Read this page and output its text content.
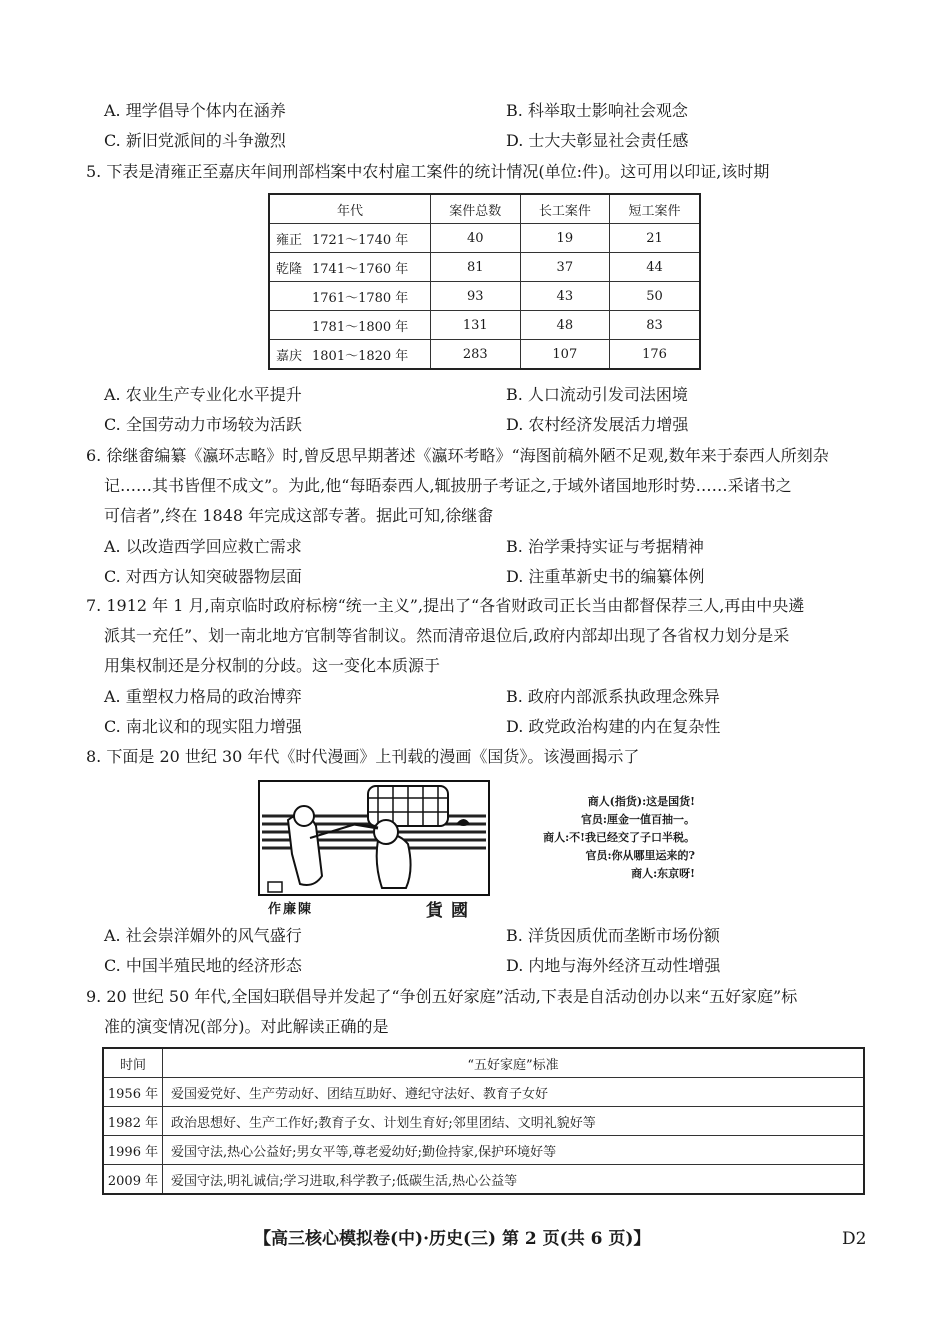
A. 理学倡导个体内在涵养	B. 科举取士影响社会观念
C. 新旧党派间的斗争激烈	D. 士大夫彰显社会责任感
5. 下表是清雍正至嘉庆年间刑部档案中农村雇工案件的统计情况(单位:件)。这可用以印证,该时期
年代	案件总数	长工案件	短工案件
雍正 1721～1740 年	40	19	21
乾隆 1741～1760 年	81	37	44
1761～1780 年	93	43	50
1781～1800 年	131	48	83
嘉庆 1801～1820 年	283	107	176
A. 农业生产专业化水平提升	B. 人口流动引发司法困境
C. 全国劳动力市场较为活跃	D. 农村经济发展活力增强
6. 徐继畬编纂《瀛环志略》时,曾反思早期著述《瀛环考略》“海图前稿外陋不足观,数年来于泰西人所刻杂
记……其书皆俚不成文”。为此,他“每晤泰西人,辄披册子考证之,于域外诸国地形时势……采诸书之
可信者”,终在 1848 年完成这部专著。据此可知,徐继畬
A. 以改造西学回应救亡需求	B. 治学秉持实证与考据精神
C. 对西方认知突破器物层面	D. 注重革新史书的编纂体例
7. 1912 年 1 月,南京临时政府标榜“统一主义”,提出了“各省财政司正长当由都督保荐三人,再由中央遴
派其一充任”、划一南北地方官制等省制议。然而清帝退位后,政府内部却出现了各省权力划分是采
用集权制还是分权制的分歧。这一变化本质源于
A. 重塑权力格局的政治博弈	B. 政府内部派系执政理念殊异
C. 南北议和的现实阻力增强	D. 政党政治构建的内在复杂性
8. 下面是 20 世纪 30 年代《时代漫画》上刊载的漫画《国货》。该漫画揭示了
商人(指货):这是国货!
官员:厘金一值百抽一。
商人:不!我已经交了子口半税。
官员:你从哪里运来的?
商人:东京呀!
作廉陳	貨國
A. 社会崇洋媚外的风气盛行	B. 洋货因质优而垄断市场份额
C. 中国半殖民地的经济形态	D. 内地与海外经济互动性增强
9. 20 世纪 50 年代,全国妇联倡导并发起了“争创五好家庭”活动,下表是自活动创办以来“五好家庭”标
准的演变情况(部分)。对此解读正确的是
时间	“五好家庭”标准
1956 年	爱国爱党好、生产劳动好、团结互助好、遵纪守法好、教育子女好
1982 年	政治思想好、生产工作好;教育子女、计划生育好;邻里团结、文明礼貌好等
1996 年	爱国守法,热心公益好;男女平等,尊老爱幼好;勤俭持家,保护环境好等
2009 年	爱国守法,明礼诚信;学习进取,科学教子;低碳生活,热心公益等
【高三核心模拟卷(中)·历史(三) 第 2 页(共 6 页)】	D2
